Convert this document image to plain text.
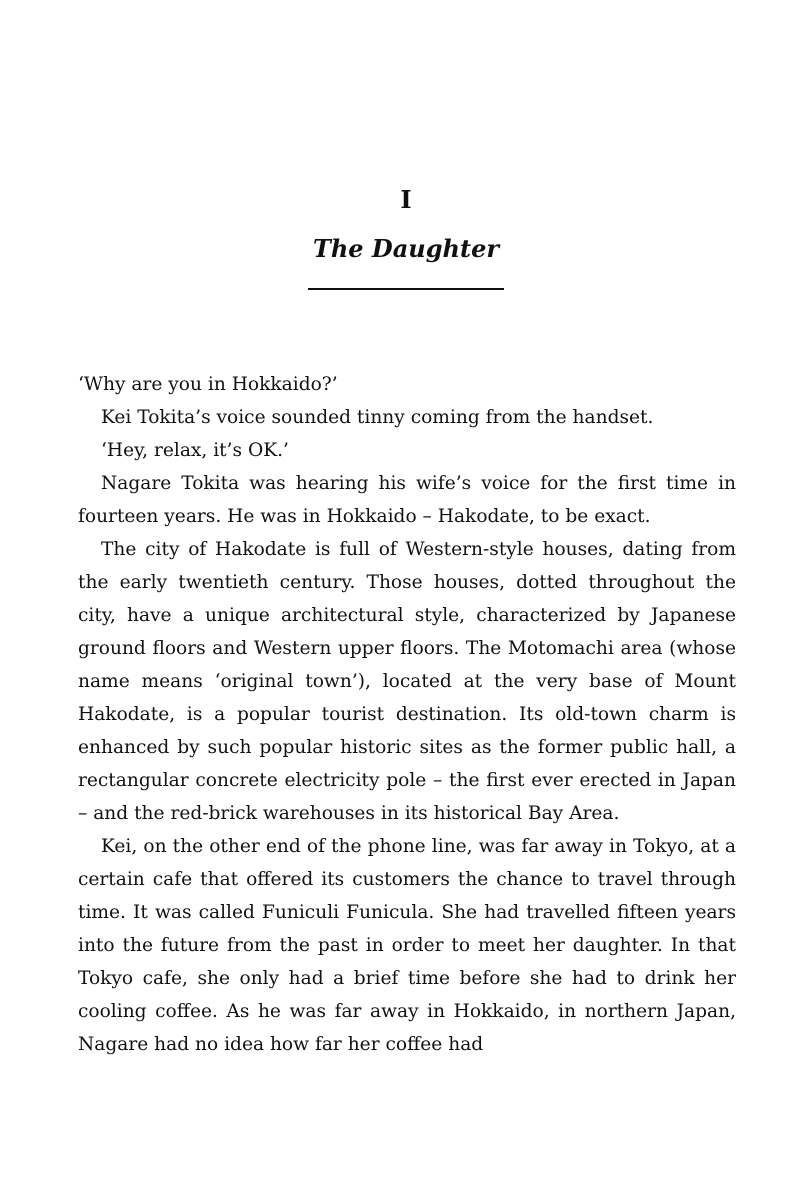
I
The Daughter

‘Why are you in Hokkaido?’

Kei Tokita’s voice sounded tinny coming from the handset.

‘Hey, relax, it’s OK.’

Nagare Tokita was hearing his wife’s voice for the first time in fourteen years. He was in Hokkaido – Hakodate, to be exact.

The city of Hakodate is full of Western-style houses, dating from the early twentieth century. Those houses, dotted throughout the city, have a unique architectural style, characterized by Japanese ground floors and Western upper floors. The Motomachi area (whose name means ‘original town’), located at the very base of Mount Hakodate, is a popular tourist destination. Its old-town charm is enhanced by such popular historic sites as the former public hall, a rectangular concrete electricity pole – the first ever erected in Japan – and the red-brick warehouses in its historical Bay Area.

Kei, on the other end of the phone line, was far away in Tokyo, at a certain cafe that offered its customers the chance to travel through time. It was called Funiculi Funicula. She had travelled fifteen years into the future from the past in order to meet her daughter. In that Tokyo cafe, she only had a brief time before she had to drink her cooling coffee. As he was far away in Hokkaido, in northern Japan, Nagare had no idea how far her coffee had
